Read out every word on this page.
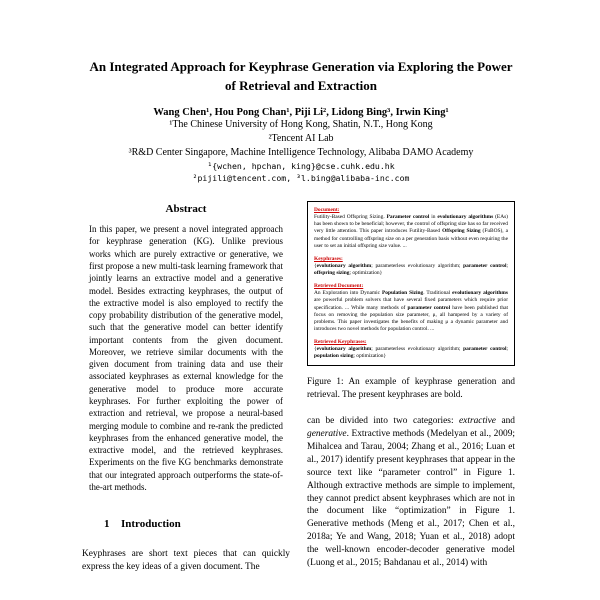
An Integrated Approach for Keyphrase Generation via Exploring the Power of Retrieval and Extraction
Wang Chen¹, Hou Pong Chan¹, Piji Li², Lidong Bing³, Irwin King¹
¹The Chinese University of Hong Kong, Shatin, N.T., Hong Kong
²Tencent AI Lab
³R&D Center Singapore, Machine Intelligence Technology, Alibaba DAMO Academy
¹{wchen, hpchan, king}@cse.cuhk.edu.hk
²pijili@tencent.com, ³l.bing@alibaba-inc.com
Abstract
In this paper, we present a novel integrated approach for keyphrase generation (KG). Unlike previous works which are purely extractive or generative, we first propose a new multi-task learning framework that jointly learns an extractive model and a generative model. Besides extracting keyphrases, the output of the extractive model is also employed to rectify the copy probability distribution of the generative model, such that the generative model can better identify important contents from the given document. Moreover, we retrieve similar documents with the given document from training data and use their associated keyphrases as external knowledge for the generative model to produce more accurate keyphrases. For further exploiting the power of extraction and retrieval, we propose a neural-based merging module to combine and re-rank the predicted keyphrases from the enhanced generative model, the extractive model, and the retrieved keyphrases. Experiments on the five KG benchmarks demonstrate that our integrated approach outperforms the state-of-the-art methods.

1 Introduction

Keyphrases are short text pieces that can quickly express the key ideas of a given document. The
Document:
Futility-Based Offspring Sizing. Parameter control in evolutionary algorithms (EAs) has been shown to be beneficial; however, the control of offspring size has so far received very little attention. This paper introduces Futility-Based Offspring Sizing (FuBOS), a method for controlling offspring size on a per generation basis without even requiring the user to set an initial offspring size value. ...
Keyphrases:
{evolutionary algorithm; parameterless evolutionary algorithm; parameter control; offspring sizing; optimization}
Retrieved Document:
An Exploration into Dynamic Population Sizing. Traditional evolutionary algorithms are powerful problem solvers that have several fixed parameters which require prior specification. ... While many methods of parameter control have been published that focus on removing the population size parameter, μ, all hampered by a variety of problems. This paper investigates the benefits of making μ a dynamic parameter and introduces two novel methods for population control. ...
Retrieved Keyphrases:
{evolutionary algorithm; parameterless evolutionary algorithm; parameter control; population sizing; optimization}
Figure 1: An example of keyphrase generation and retrieval. The present keyphrases are bold.
can be divided into two categories: extractive and generative. Extractive methods (Medelyan et al., 2009; Mihalcea and Tarau, 2004; Zhang et al., 2016; Luan et al., 2017) identify present keyphrases that appear in the source text like “parameter control” in Figure 1. Although extractive methods are simple to implement, they cannot predict absent keyphrases which are not in the document like “optimization” in Figure 1. Generative methods (Meng et al., 2017; Chen et al., 2018a; Ye and Wang, 2018; Yuan et al., 2018) adopt the well-known encoder-decoder generative model (Luong et al., 2015; Bahdanau et al., 2014) with
